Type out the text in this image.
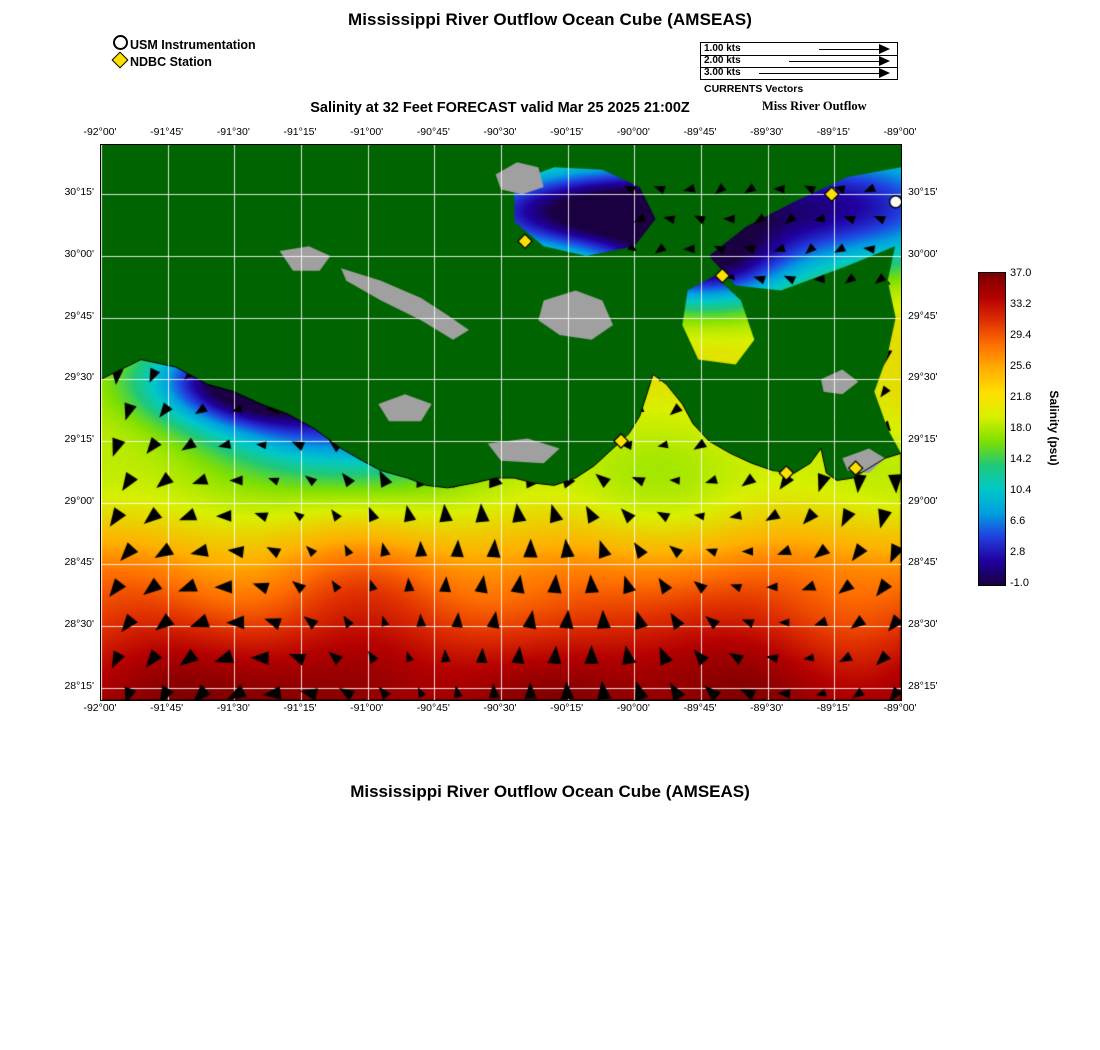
Mississippi River Outflow Ocean Cube (AMSEAS)
USM Instrumentation
NDBC Station
1.00 kts
2.00 kts
3.00 kts
CURRENTS Vectors
Salinity at 32 Feet FORECAST valid Mar 25 2025 21:00Z	Miss River Outflow
-92°00'
-92°00'
-91°45'
-91°45'
-91°30'
-91°30'
-91°15'
-91°15'
-91°00'
-91°00'
-90°45'
-90°45'
-90°30'
-90°30'
-90°15'
-90°15'
-90°00'
-90°00'
-89°45'
-89°45'
-89°30'
-89°30'
-89°15'
-89°15'
-89°00'
-89°00'
30°15'	30°15'
30°00'	30°00'
29°45'	29°45'
29°30'	29°30'
29°15'	29°15'
29°00'	29°00'
28°45'	28°45'
28°30'	28°30'
28°15'	28°15'
37.0
33.2
29.4
25.6
21.8
18.0
14.2
10.4
6.6
2.8
-1.0
Salinity (psu)
Mississippi River Outflow Ocean Cube (AMSEAS)
